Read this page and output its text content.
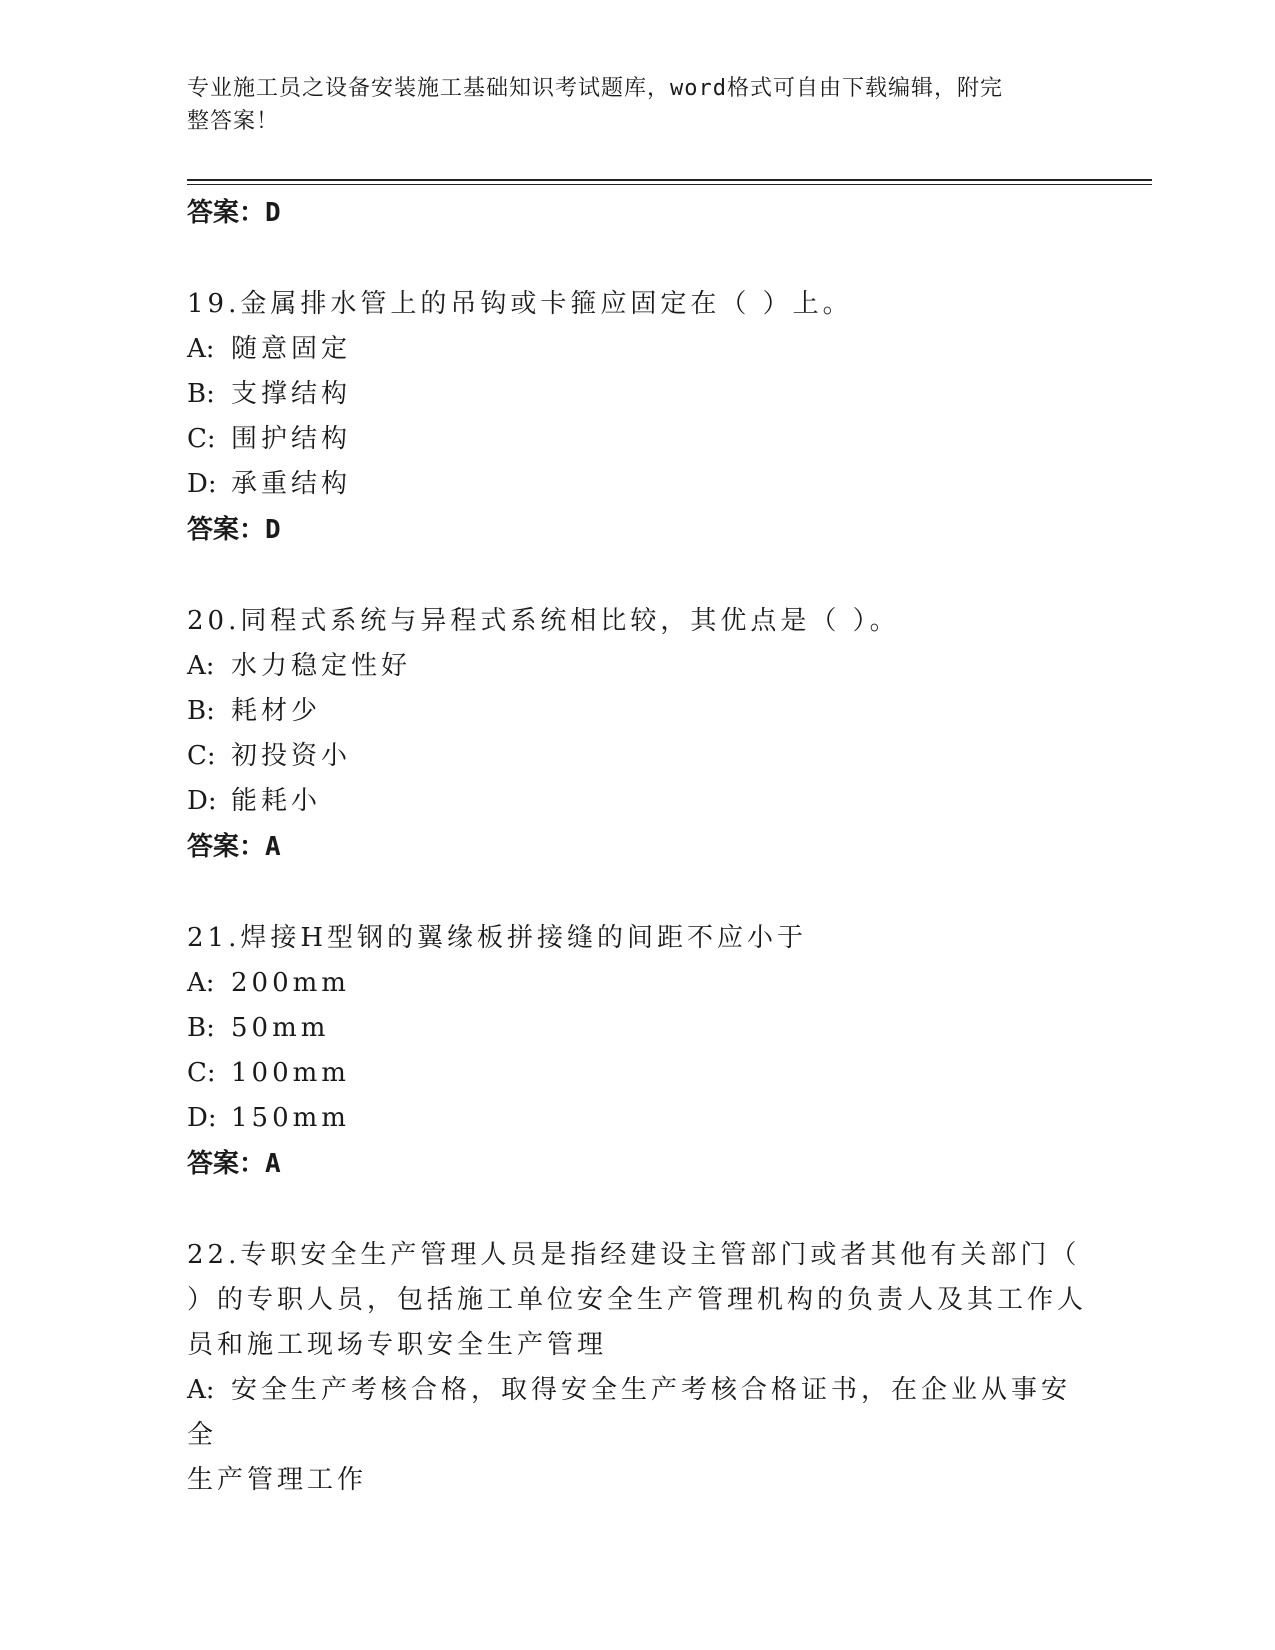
专业施工员之设备安装施工基础知识考试题库，word格式可自由下载编辑，附完
整答案！

答案：D

19.金属排水管上的吊钩或卡箍应固定在（ ）上。

A: 随意固定

B: 支撑结构

C: 围护结构

D: 承重结构

答案：D

20.同程式系统与异程式系统相比较，其优点是（ ）。

A: 水力稳定性好

B: 耗材少

C: 初投资小

D: 能耗小

答案：A

21.焊接H型钢的翼缘板拼接缝的间距不应小于

A: 200mm

B: 50mm

C: 100mm

D: 150mm

答案：A

22.专职安全生产管理人员是指经建设主管部门或者其他有关部门（
）的专职人员，包括施工单位安全生产管理机构的负责人及其工作人
员和施工现场专职安全生产管理
A: 安全生产考核合格，取得安全生产考核合格证书，在企业从事安全
生产管理工作
